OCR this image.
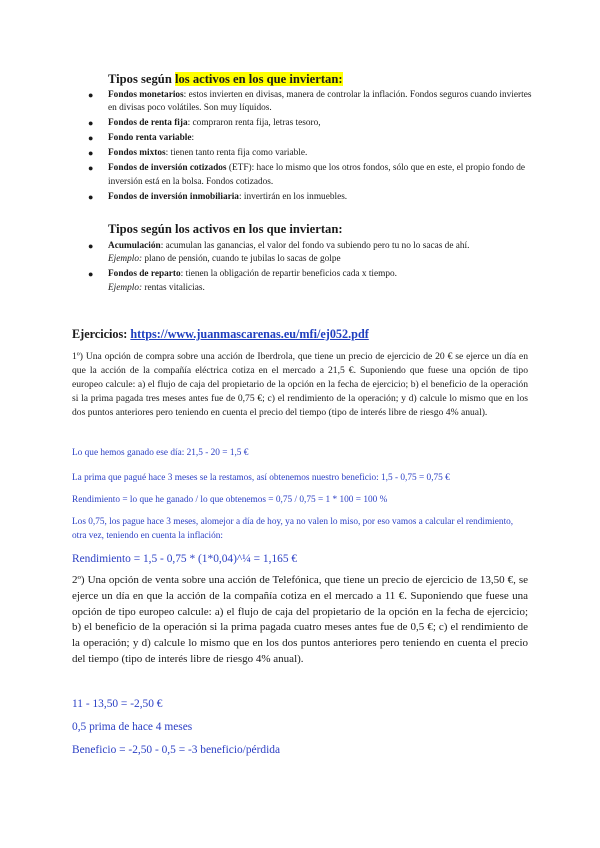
Tipos según los activos en los que inviertan:
● Fondos monetarios: estos invierten en divisas, manera de controlar la inflación. Fondos seguros cuando inviertes en divisas poco volátiles. Son muy líquidos.
● Fondos de renta fija: compraron renta fija, letras tesoro,
● Fondo renta variable:
● Fondos mixtos: tienen tanto renta fija como variable.
● Fondos de inversión cotizados (ETF): hace lo mismo que los otros fondos, sólo que en este, el propio fondo de inversión está en la bolsa. Fondos cotizados.
● Fondos de inversión inmobiliaria: invertirán en los inmuebles.
Tipos según los activos en los que inviertan:
● Acumulación: acumulan las ganancias, el valor del fondo va subiendo pero tu no lo sacas de ahí.
Ejemplo: plano de pensión, cuando te jubilas lo sacas de golpe
● Fondos de reparto: tienen la obligación de repartir beneficios cada x tiempo.
Ejemplo: rentas vitalicias.
Ejercicios: https://www.juanmascarenas.eu/mfi/ej052.pdf
1º) Una opción de compra sobre una acción de Iberdrola, que tiene un precio de ejercicio de 20 € se ejerce un día en que la acción de la compañía eléctrica cotiza en el mercado a 21,5 €. Suponiendo que fuese una opción de tipo europeo calcule: a) el flujo de caja del propietario de la opción en la fecha de ejercicio; b) el beneficio de la operación si la prima pagada tres meses antes fue de 0,75 €; c) el rendimiento de la operación; y d) calcule lo mismo que en los dos puntos anteriores pero teniendo en cuenta el precio del tiempo (tipo de interés libre de riesgo 4% anual).
Lo que hemos ganado ese día: 21,5 - 20 = 1,5 €
La prima que pagué hace 3 meses se la restamos, así obtenemos nuestro beneficio: 1,5 - 0,75 = 0,75 €
Rendimiento = lo que he ganado / lo que obtenemos = 0,75 / 0,75 = 1 * 100 = 100 %
Los 0,75, los pague hace 3 meses, alomejor a día de hoy, ya no valen lo miso, por eso vamos a calcular el rendimiento, otra vez, teniendo en cuenta la inflación:
Rendimiento = 1,5 - 0,75 * (1*0,04)^¼ = 1,165 €
2º) Una opción de venta sobre una acción de Telefónica, que tiene un precio de ejercicio de 13,50 €, se ejerce un día en que la acción de la compañía cotiza en el mercado a 11 €. Suponiendo que fuese una opción de tipo europeo calcule: a) el flujo de caja del propietario de la opción en la fecha de ejercicio; b) el beneficio de la operación si la prima pagada cuatro meses antes fue de 0,5 €; c) el rendimiento de la operación; y d) calcule lo mismo que en los dos puntos anteriores pero teniendo en cuenta el precio del tiempo (tipo de interés libre de riesgo 4% anual).
11 - 13,50 = -2,50 €
0,5 prima de hace 4 meses
Beneficio = -2,50 - 0,5 = -3 beneficio/pérdida
